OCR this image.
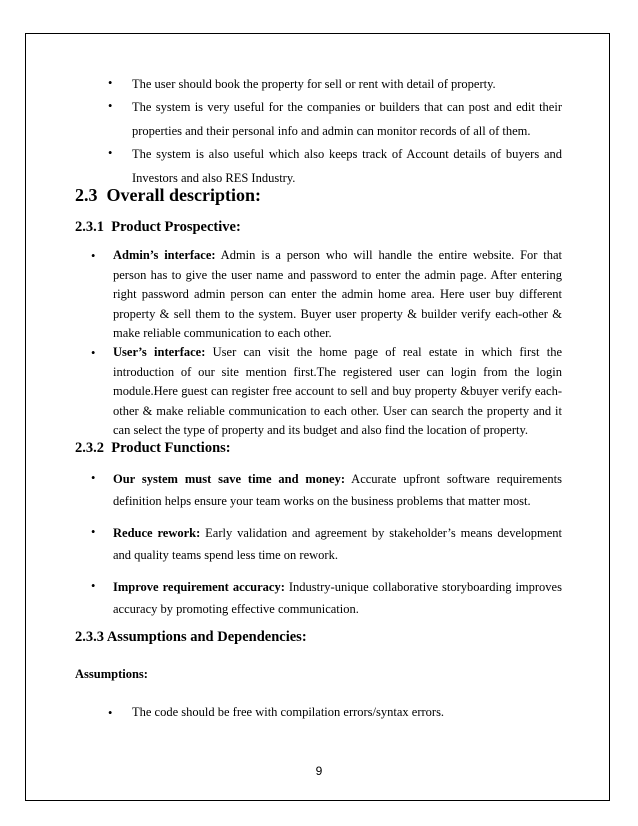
• The user should book the property for sell or rent with detail of property.
• The system is very useful for the companies or builders that can post and edit their properties and their personal info and admin can monitor records of all of them.
• The system is also useful which also keeps track of Account details of buyers and Investors and also RES Industry.
2.3 Overall description:
2.3.1 Product Prospective:
• Admin’s interface: Admin is a person who will handle the entire website. For that person has to give the user name and password to enter the admin page. After entering right password admin person can enter the admin home area. Here user buy different property & sell them to the system. Buyer user property & builder verify each-other & make reliable communication to each other.
• User’s interface: User can visit the home page of real estate in which first the introduction of our site mention first.The registered user can login from the login module.Here guest can register free account to sell and buy property &buyer verify each-other & make reliable communication to each other. User can search the property and it can select the type of property and its budget and also find the location of property.
2.3.2 Product Functions:
• Our system must save time and money: Accurate upfront software requirements definition helps ensure your team works on the business problems that matter most.
• Reduce rework: Early validation and agreement by stakeholder’s means development and quality teams spend less time on rework.
• Improve requirement accuracy: Industry-unique collaborative storyboarding improves accuracy by promoting effective communication.
2.3.3 Assumptions and Dependencies:
Assumptions:
• The code should be free with compilation errors/syntax errors.
9
